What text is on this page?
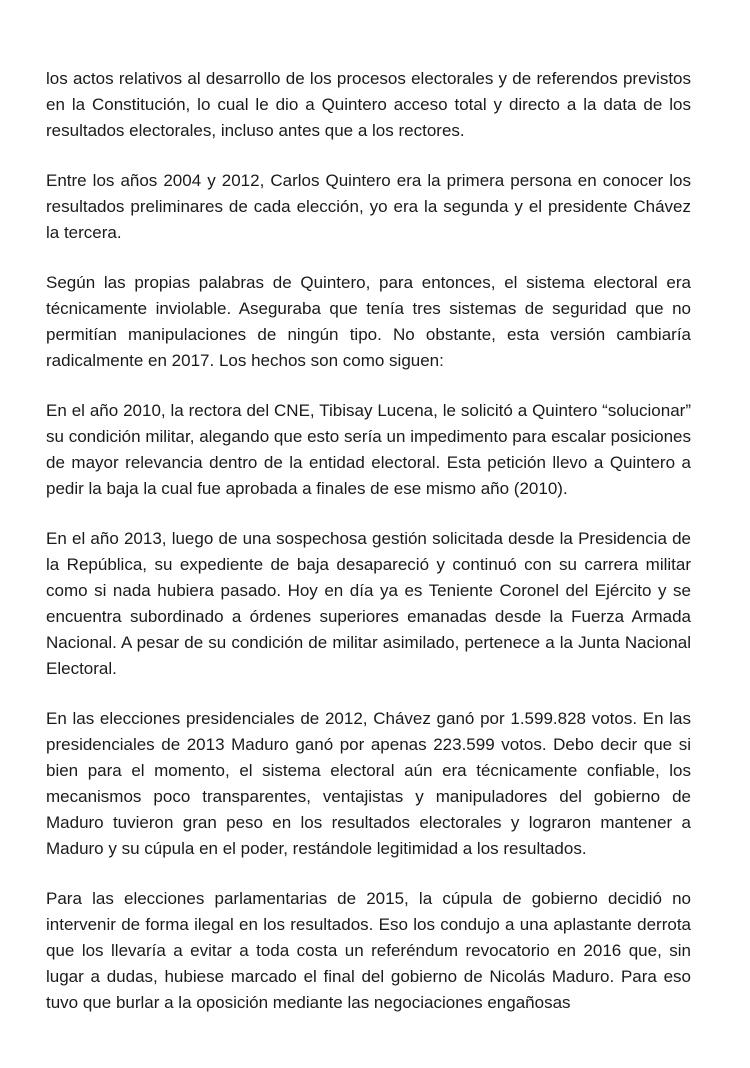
los actos relativos al desarrollo de los procesos electorales y de referendos previstos en la Constitución, lo cual le dio a Quintero acceso total y directo a la data de los resultados electorales, incluso antes que a los rectores.

Entre los años 2004 y 2012, Carlos Quintero era la primera persona en conocer los resultados preliminares de cada elección, yo era la segunda y el presidente Chávez la tercera.

Según las propias palabras de Quintero, para entonces, el sistema electoral era técnicamente inviolable. Aseguraba que tenía tres sistemas de seguridad que no permitían manipulaciones de ningún tipo. No obstante, esta versión cambiaría radicalmente en 2017. Los hechos son como siguen:

En el año 2010, la rectora del CNE, Tibisay Lucena, le solicitó a Quintero “solucionar” su condición militar, alegando que esto sería un impedimento para escalar posiciones de mayor relevancia dentro de la entidad electoral. Esta petición llevo a Quintero a pedir la baja la cual fue aprobada a finales de ese mismo año (2010).

En el año 2013, luego de una sospechosa gestión solicitada desde la Presidencia de la República, su expediente de baja desapareció y continuó con su carrera militar como si nada hubiera pasado. Hoy en día ya es Teniente Coronel del Ejército y se encuentra subordinado a órdenes superiores emanadas desde la Fuerza Armada Nacional. A pesar de su condición de militar asimilado, pertenece a la Junta Nacional Electoral.

En las elecciones presidenciales de 2012, Chávez ganó por 1.599.828 votos. En las presidenciales de 2013 Maduro ganó por apenas 223.599 votos. Debo decir que si bien para el momento, el sistema electoral aún era técnicamente confiable, los mecanismos poco transparentes, ventajistas y manipuladores del gobierno de Maduro tuvieron gran peso en los resultados electorales y lograron mantener a Maduro y su cúpula en el poder, restándole legitimidad a los resultados.

Para las elecciones parlamentarias de 2015, la cúpula de gobierno decidió no intervenir de forma ilegal en los resultados. Eso los condujo a una aplastante derrota que los llevaría a evitar a toda costa un referéndum revocatorio en 2016 que, sin lugar a dudas, hubiese marcado el final del gobierno de Nicolás Maduro. Para eso tuvo que burlar a la oposición mediante las negociaciones engañosas
